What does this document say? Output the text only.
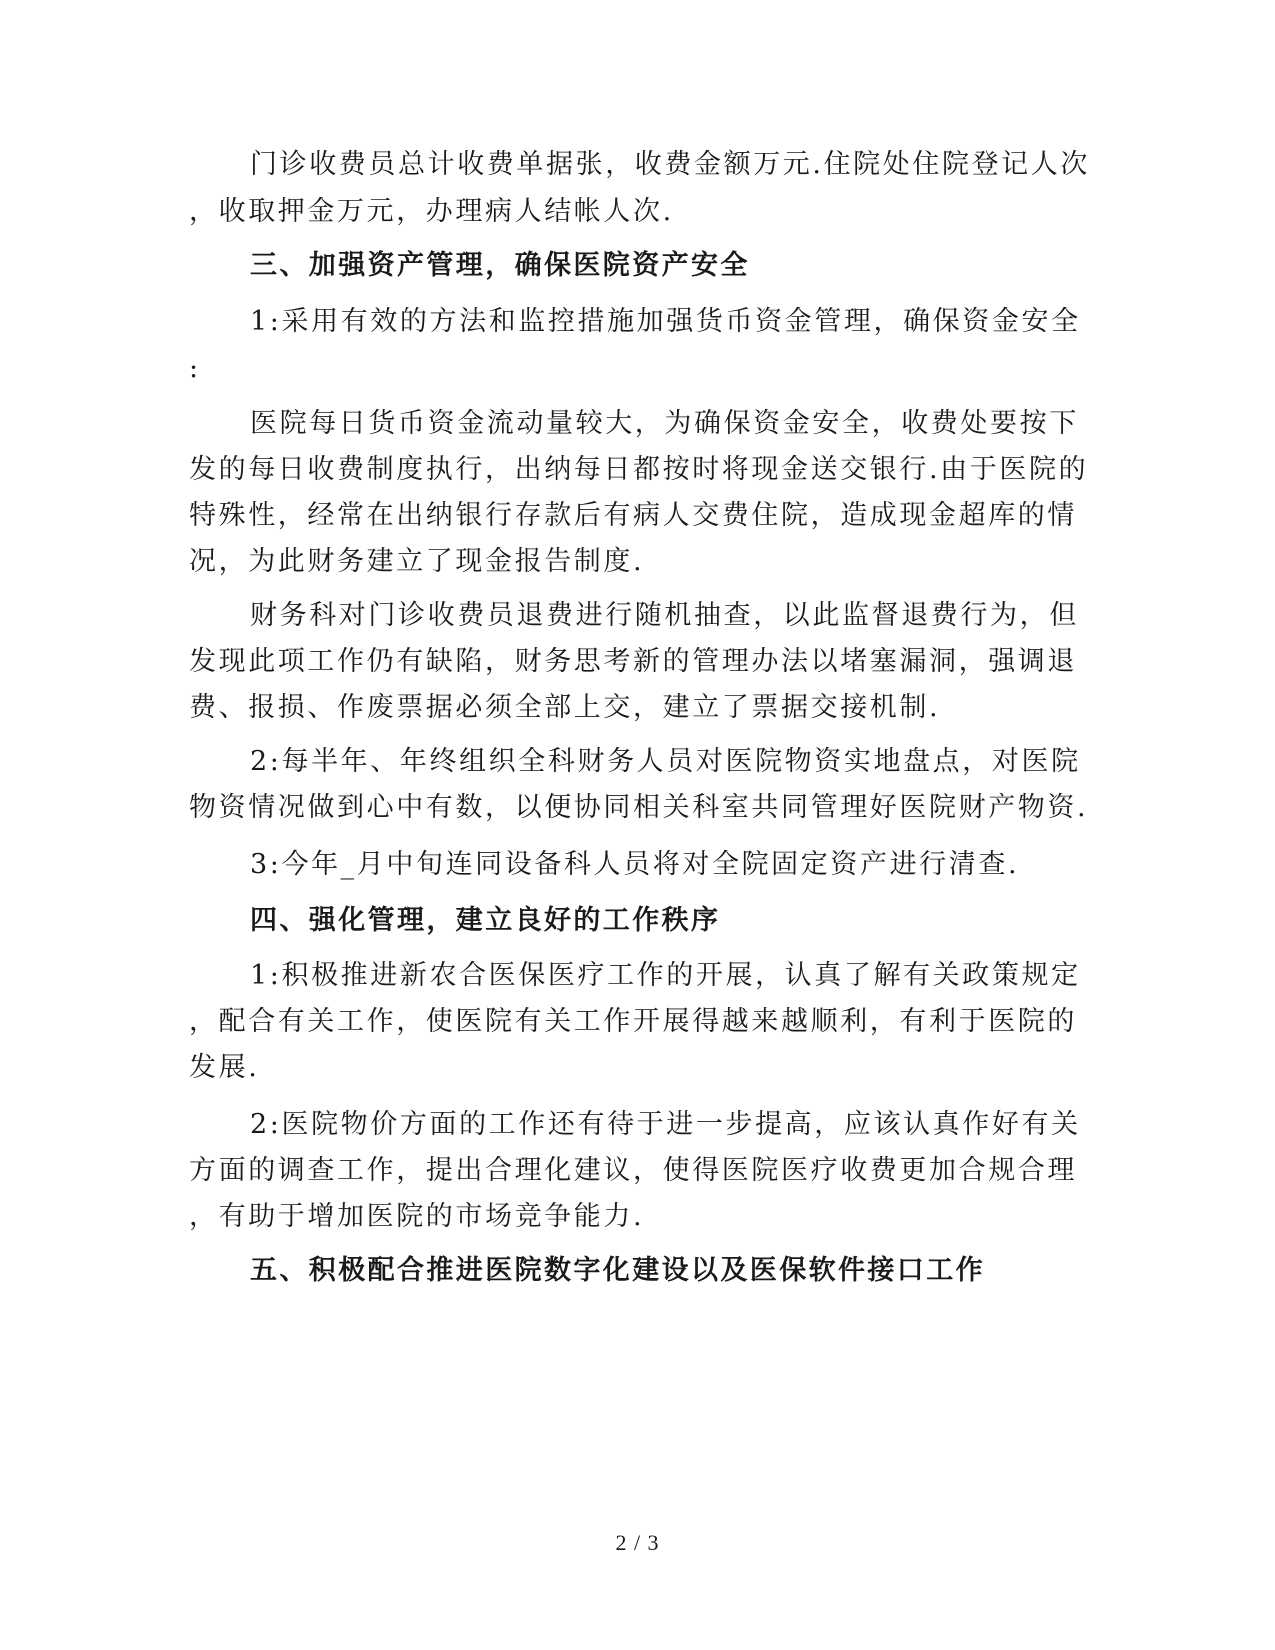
门诊收费员总计收费单据张，收费金额万元.住院处住院登记人次
，收取押金万元，办理病人结帐人次.
三、加强资产管理，确保医院资产安全
1:采用有效的方法和监控措施加强货币资金管理，确保资金安全
:
医院每日货币资金流动量较大，为确保资金安全，收费处要按下
发的每日收费制度执行，出纳每日都按时将现金送交银行.由于医院的
特殊性，经常在出纳银行存款后有病人交费住院，造成现金超库的情
况，为此财务建立了现金报告制度.
财务科对门诊收费员退费进行随机抽查，以此监督退费行为，但
发现此项工作仍有缺陷，财务思考新的管理办法以堵塞漏洞，强调退
费、报损、作废票据必须全部上交，建立了票据交接机制.
2:每半年、年终组织全科财务人员对医院物资实地盘点，对医院
物资情况做到心中有数，以便协同相关科室共同管理好医院财产物资.
3:今年_月中旬连同设备科人员将对全院固定资产进行清查.
四、强化管理，建立良好的工作秩序
1:积极推进新农合医保医疗工作的开展，认真了解有关政策规定
，配合有关工作，使医院有关工作开展得越来越顺利，有利于医院的
发展.
2:医院物价方面的工作还有待于进一步提高，应该认真作好有关
方面的调查工作，提出合理化建议，使得医院医疗收费更加合规合理
，有助于增加医院的市场竞争能力.
五、积极配合推进医院数字化建设以及医保软件接口工作
2 / 3
